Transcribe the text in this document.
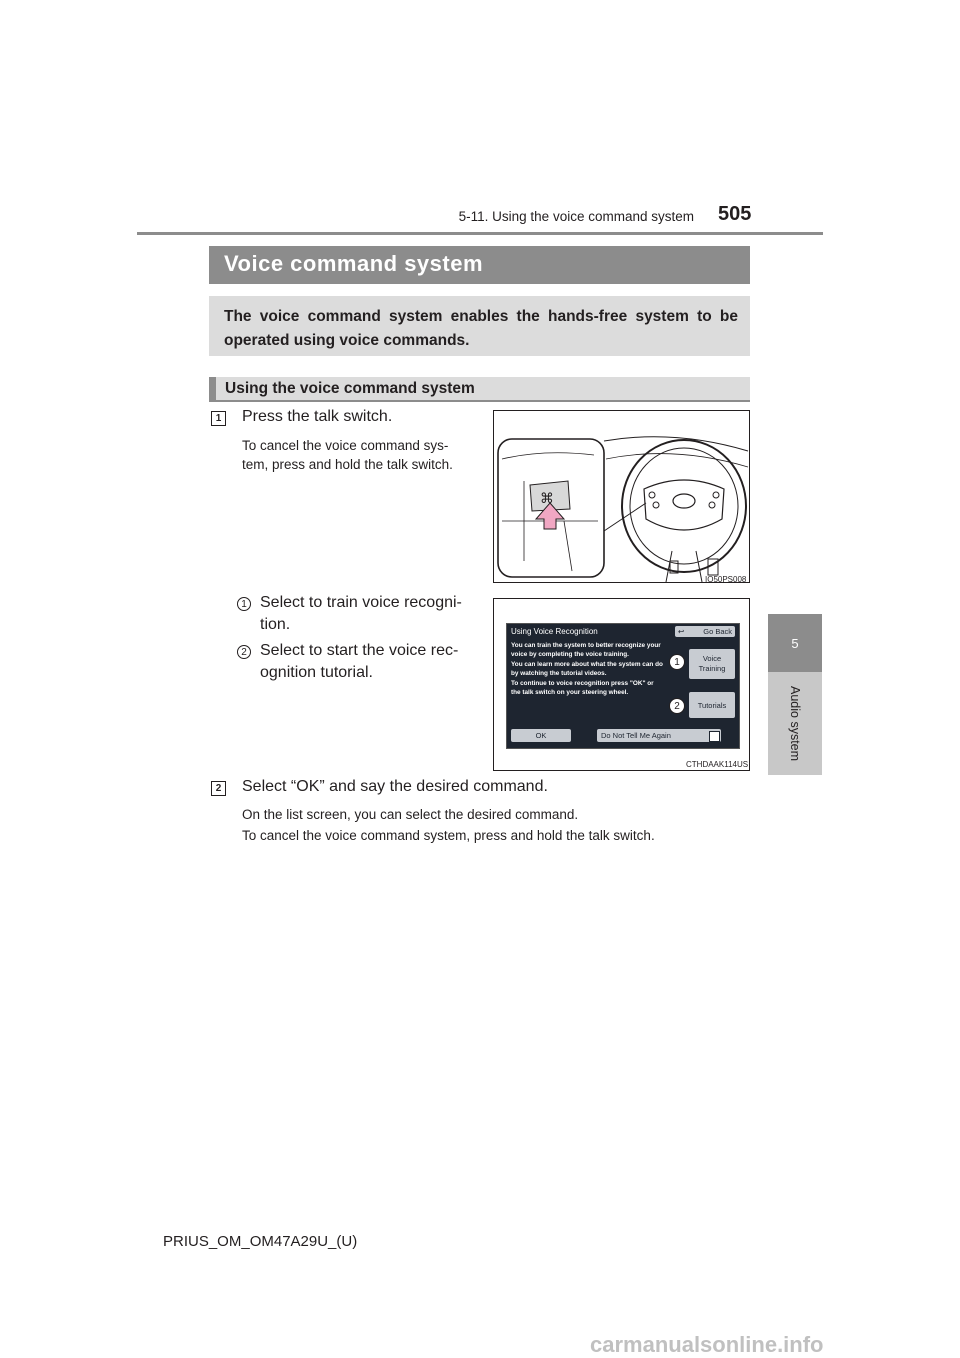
5-11. Using the voice command system 505
5
Audio system
Voice command system

The voice command system enables the hands-free system to be operated using voice commands.

Using the voice command system
1 Press the talk switch.
To cancel the voice command sys-
tem, press and hold the talk switch.
⌘
IO50PS008
1 Select to train voice recogni-
tion.
2 Select to start the voice rec-
ognition tutorial.
Using Voice Recognition	↩	Go Back
You can train the system to better recognize your
voice by completing the voice training.
You can learn more about what the system can do
by watching the tutorial videos.
To continue to voice recognition press "OK" or
the talk switch on your steering wheel.
Voice
Training
Tutorials
OK	Do Not Tell Me Again
1
2
CTHDAAK114US
2 Select “OK” and say the desired command.
On the list screen, you can select the desired command.
To cancel the voice command system, press and hold the talk switch.
PRIUS_OM_OM47A29U_(U)
carmanualsonline.info
